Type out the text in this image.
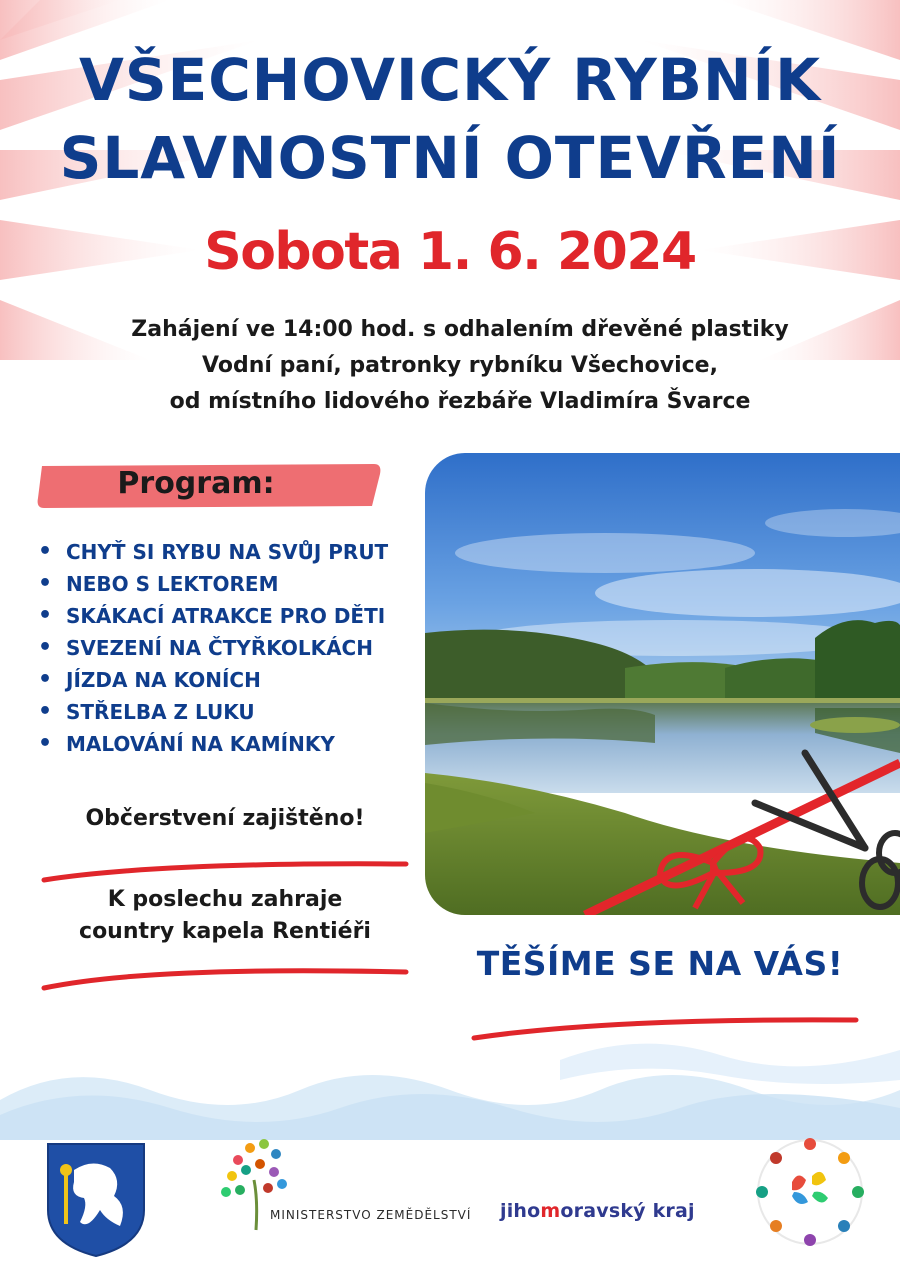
VŠECHOVICKÝ RYBNÍK
SLAVNOSTNÍ OTEVŘENÍ
Sobota 1. 6. 2024
Zahájení ve 14:00 hod. s odhalením dřevěné plastiky
Vodní paní, patronky rybníku Všechovice,
od místního lidového řezbáře Vladimíra Švarce
Program:
• CHYŤ SI RYBU NA SVŮJ PRUT
• NEBO S LEKTOREM
• SKÁKACÍ ATRAKCE PRO DĚTI
• SVEZENÍ NA ČTYŘKOLKÁCH
• JÍZDA NA KONÍCH
• STŘELBA Z LUKU
• MALOVÁNÍ NA KAMÍNKY
Občerstvení zajištěno!
K poslechu zahraje
country kapela Rentiéři
TĚŠÍME SE NA VÁS!
MINISTERSTVO ZEMĚDĚLSTVÍ jihomoravský kraj
